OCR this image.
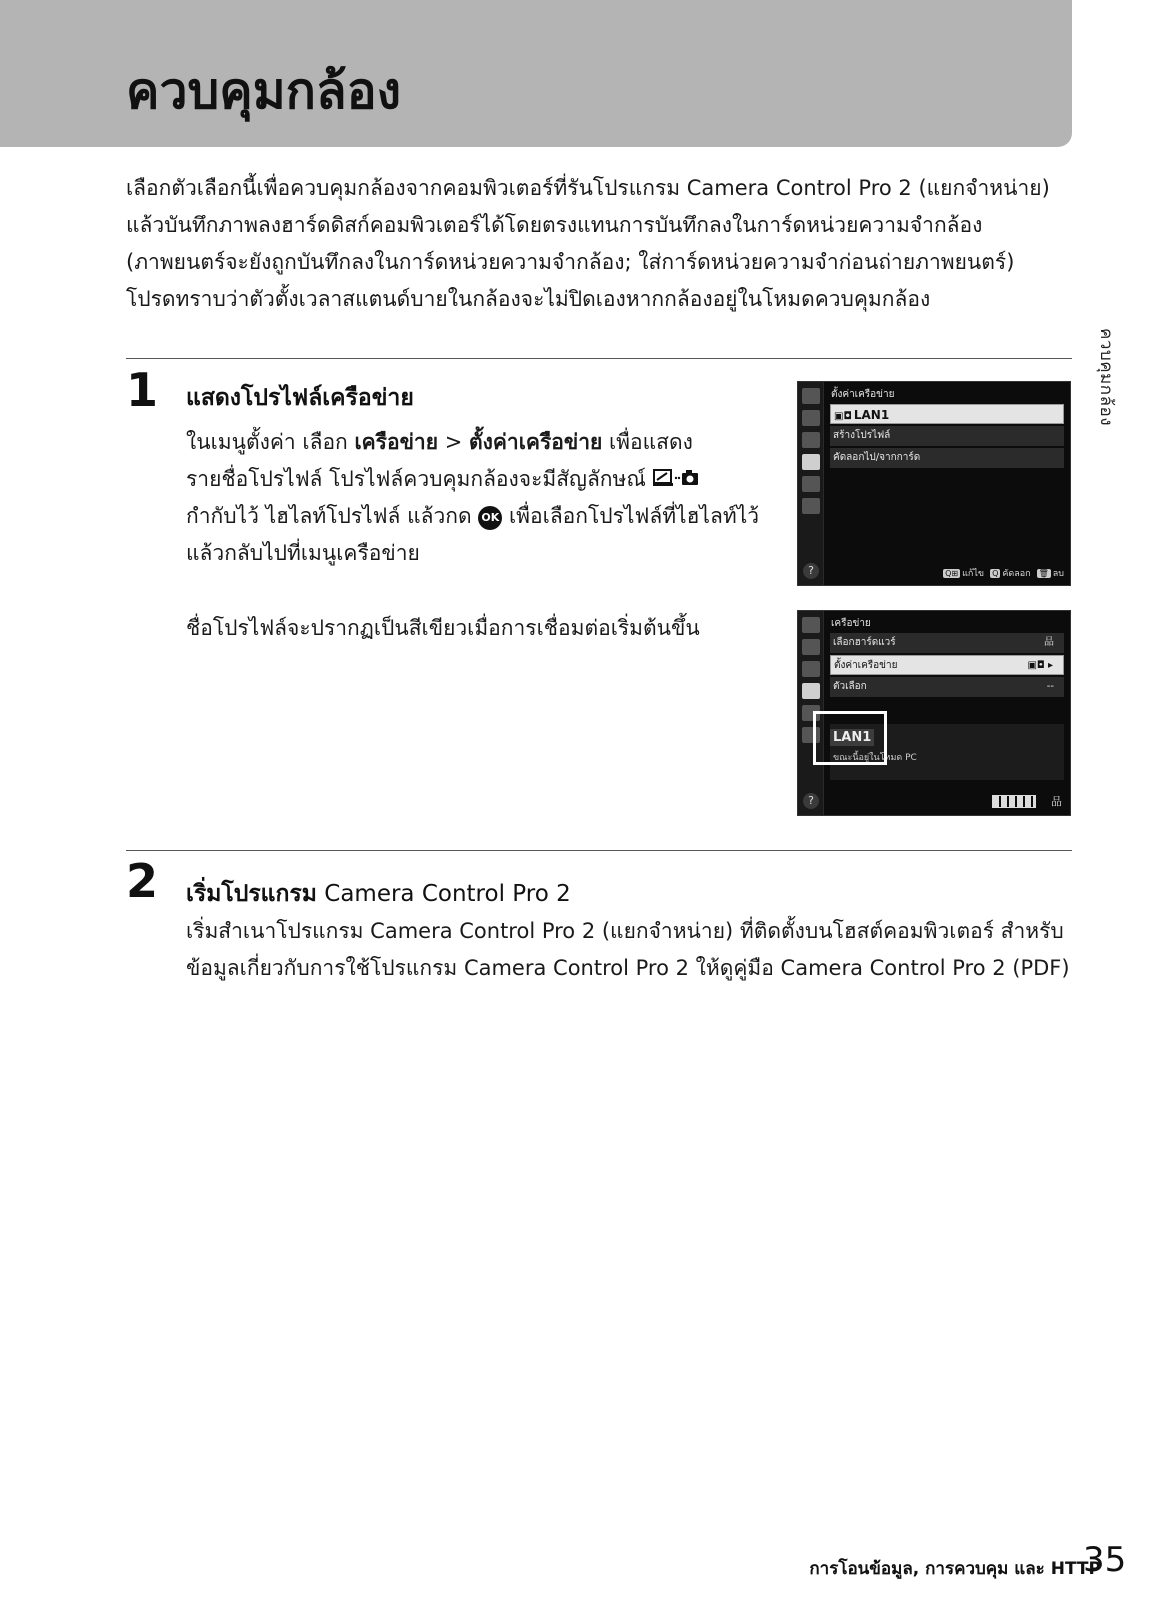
ควบคุมกล้อง

เลือกตัวเลือกนี้เพื่อควบคุมกล้องจากคอมพิวเตอร์ที่รันโปรแกรม Camera Control Pro 2 (แยกจำหน่าย)

แล้วบันทึกภาพลงฮาร์ดดิสก์คอมพิวเตอร์ได้โดยตรงแทนการบันทึกลงในการ์ดหน่วยความจำกล้อง

(ภาพยนตร์จะยังถูกบันทึกลงในการ์ดหน่วยความจำกล้อง; ใส่การ์ดหน่วยความจำก่อนถ่ายภาพยนตร์)

โปรดทราบว่าตัวตั้งเวลาสแตนด์บายในกล้องจะไม่ปิดเองหากกล้องอยู่ในโหมดควบคุมกล้อง

ควบคุมกล้อง
1 แสดงโปรไฟล์เครือข่าย

ในเมนูตั้งค่า เลือก เครือข่าย > ตั้งค่าเครือข่าย เพื่อแสดง

รายชื่อโปรไฟล์ โปรไฟล์ควบคุมกล้องจะมีสัญลักษณ์

กำกับไว้ ไฮไลท์โปรไฟล์ แล้วกด OK เพื่อเลือกโปรไฟล์ที่ไฮไลท์ไว้

แล้วกลับไปที่เมนูเครือข่าย

ชื่อโปรไฟล์จะปรากฏเป็นสีเขียวเมื่อการเชื่อมต่อเริ่มต้นขึ้น

?
ตั้งค่าเครือข่าย
▣◘ LAN1
สร้างโปรไฟล์
คัดลอกไป/จากการ์ด
Q⊞ แก้ไข Q คัดลอก 🗑 ลบ
?
เครือข่าย
เลือกฮาร์ดแวร์	品
ตั้งค่าเครือข่าย	▣◘ ▸
ตัวเลือก	--
LAN1
ขณะนี้อยู่ในโหมด PC
品
2 เริ่มโปรแกรม Camera Control Pro 2

เริ่มสำเนาโปรแกรม Camera Control Pro 2 (แยกจำหน่าย) ที่ติดตั้งบนโฮสต์คอมพิวเตอร์ สำหรับ

ข้อมูลเกี่ยวกับการใช้โปรแกรม Camera Control Pro 2 ให้ดูคู่มือ Camera Control Pro 2 (PDF)

การโอนข้อมูล, การควบคุม และ HTTP
35
